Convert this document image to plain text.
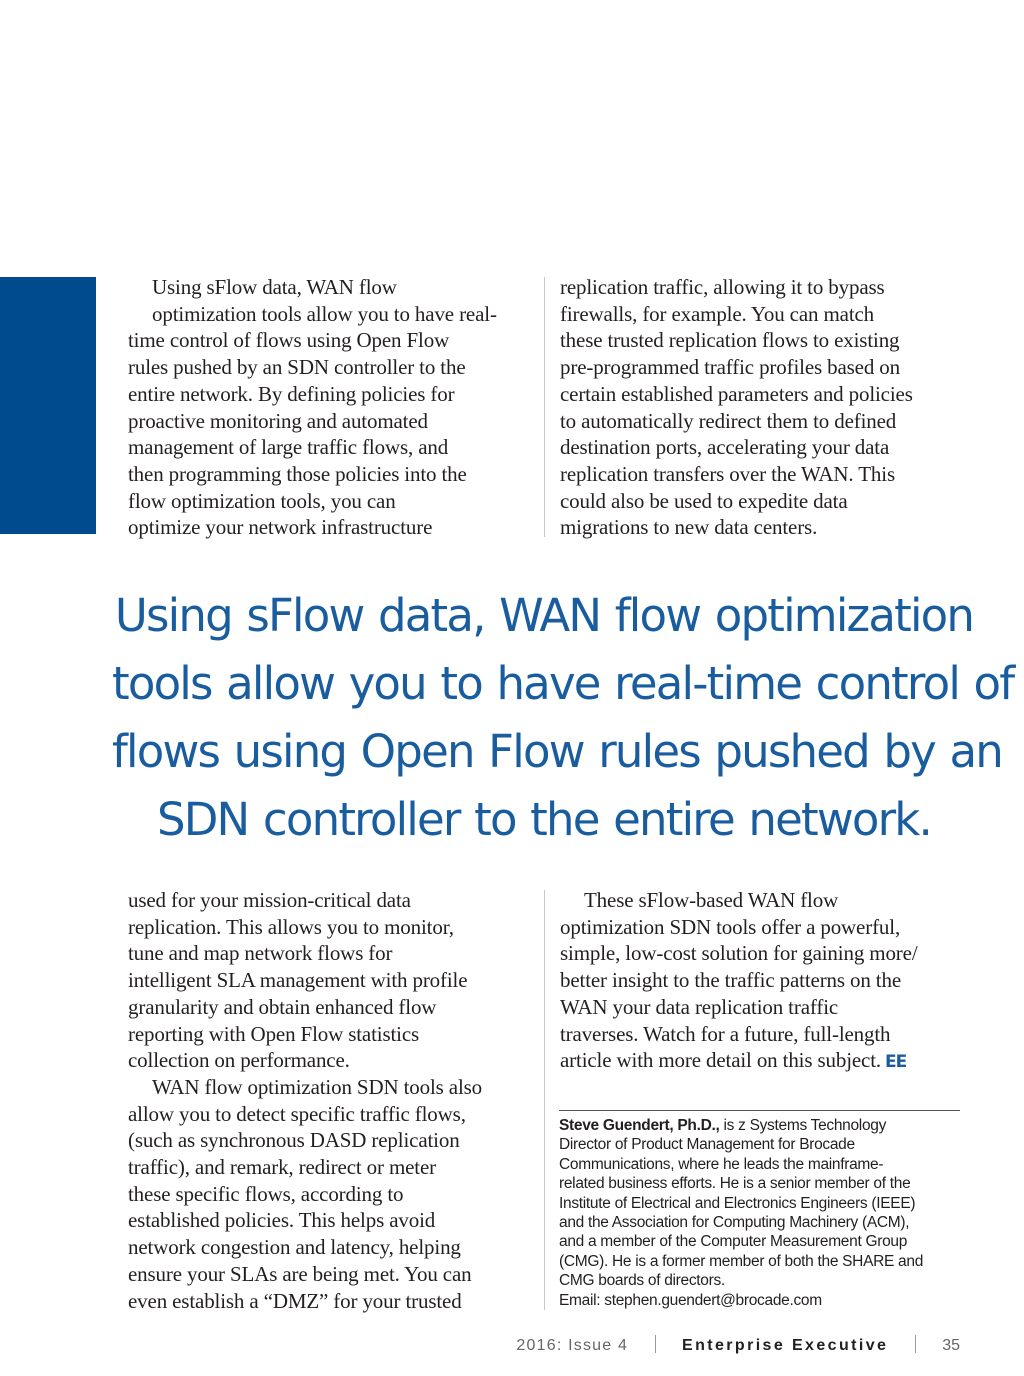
Using sFlow data, WAN flow
optimization tools allow you to have real-
time control of flows using Open Flow
rules pushed by an SDN controller to the
entire network. By defining policies for
proactive monitoring and automated
management of large traffic flows, and
then programming those policies into the
flow optimization tools, you can
optimize your network infrastructure

replication traffic, allowing it to bypass
firewalls, for example. You can match
these trusted replication flows to existing
pre-programmed traffic profiles based on
certain established parameters and policies
to automatically redirect them to defined
destination ports, accelerating your data
replication transfers over the WAN. This
could also be used to expedite data
migrations to new data centers.

Using sFlow data, WAN flow optimization
tools allow you to have real-time control of
flows using Open Flow rules pushed by an
SDN controller to the entire network.

used for your mission-critical data
replication. This allows you to monitor,
tune and map network flows for
intelligent SLA management with profile
granularity and obtain enhanced flow
reporting with Open Flow statistics
collection on performance.

WAN flow optimization SDN tools also
allow you to detect specific traffic flows,
(such as synchronous DASD replication
traffic), and remark, redirect or meter
these specific flows, according to
established policies. This helps avoid
network congestion and latency, helping
ensure your SLAs are being met. You can
even establish a “DMZ” for your trusted

These sFlow-based WAN flow
optimization SDN tools offer a powerful,
simple, low-cost solution for gaining more/
better insight to the traffic patterns on the
WAN your data replication traffic
traverses. Watch for a future, full-length
article with more detail on this subject. EE

Steve Guendert, Ph.D., is z Systems Technology
Director of Product Management for Brocade
Communications, where he leads the mainframe-
related business efforts. He is a senior member of the
Institute of Electrical and Electronics Engineers (IEEE)
and the Association for Computing Machinery (ACM),
and a member of the Computer Measurement Group
(CMG). He is a former member of both the SHARE and
CMG boards of directors.
Email: stephen.guendert@brocade.com
2016: Issue 4	Enterprise Executive	35
